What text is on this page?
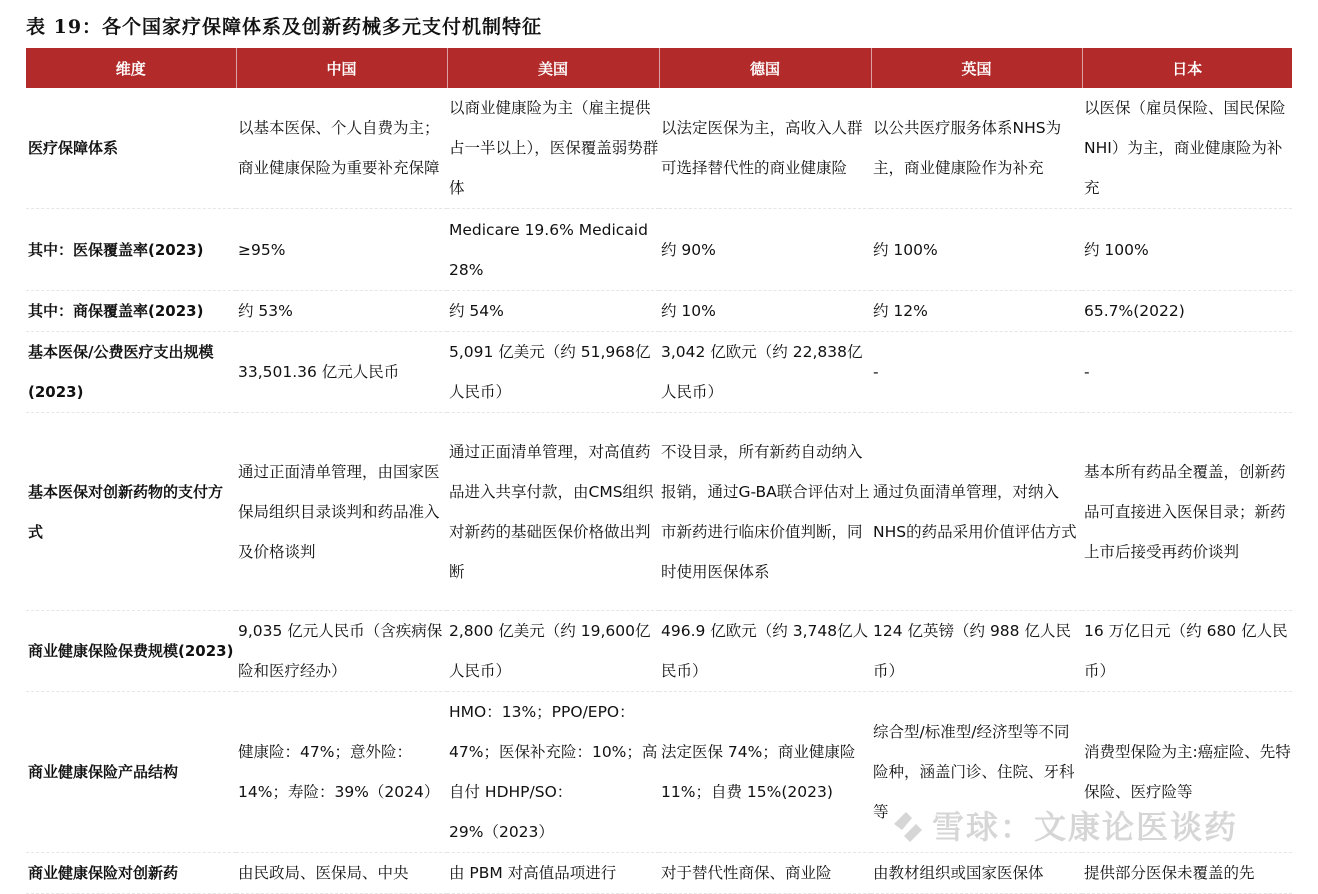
表 19：各个国家疗保障体系及创新药械多元支付机制特征
维度	中国	美国	德国	英国	日本
医疗保障体系	以基本医保、个人自费为主；商业健康保险为重要补充保障	以商业健康险为主（雇主提供占一半以上），医保覆盖弱势群体	以法定医保为主，高收入人群可选择替代性的商业健康险	以公共医疗服务体系NHS为主，商业健康险作为补充	以医保（雇员保险、国民保险NHI）为主，商业健康险为补充
其中：医保覆盖率(2023)	≥95%	Medicare 19.6% Medicaid 28%	约 90%	约 100%	约 100%
其中：商保覆盖率(2023)	约 53%	约 54%	约 10%	约 12%	65.7%(2022)
基本医保/公费医疗支出规模(2023)	33,501.36 亿元人民币	5,091 亿美元（约 51,968亿人民币）	3,042 亿欧元（约 22,838亿人民币）	-	-
基本医保对创新药物的支付方式	通过正面清单管理，由国家医保局组织目录谈判和药品准入及价格谈判	通过正面清单管理，对高值药品进入共享付款，由CMS组织对新药的基础医保价格做出判断	不设目录，所有新药自动纳入报销，通过G-BA联合评估对上市新药进行临床价值判断，同时使用医保体系	通过负面清单管理，对纳入NHS的药品采用价值评估方式	基本所有药品全覆盖，创新药品可直接进入医保目录；新药上市后接受再药价谈判
商业健康保险保费规模(2023)	9,035 亿元人民币（含疾病保险和医疗经办）	2,800 亿美元（约 19,600亿人民币）	496.9 亿欧元（约 3,748亿人民币）	124 亿英镑（约 988 亿人民币）	16 万亿日元（约 680 亿人民币）
商业健康保险产品结构	健康险：47%；意外险：14%；寿险：39%（2024）	HMO：13%；PPO/EPO：47%；医保补充险：10%；高自付 HDHP/SO：29%（2023）	法定医保 74%；商业健康险 11%；自费 15%(2023)	综合型/标准型/经济型等不同险种，涵盖门诊、住院、牙科等	消费型保险为主:癌症险、先特保险、医疗险等
商业健康保险对创新药	由民政局、医保局、中央	由 PBM 对高值品项进行	对于替代性商保、商业险	由教材组织或国家医保体	提供部分医保未覆盖的先
雪球：文康论医谈药
